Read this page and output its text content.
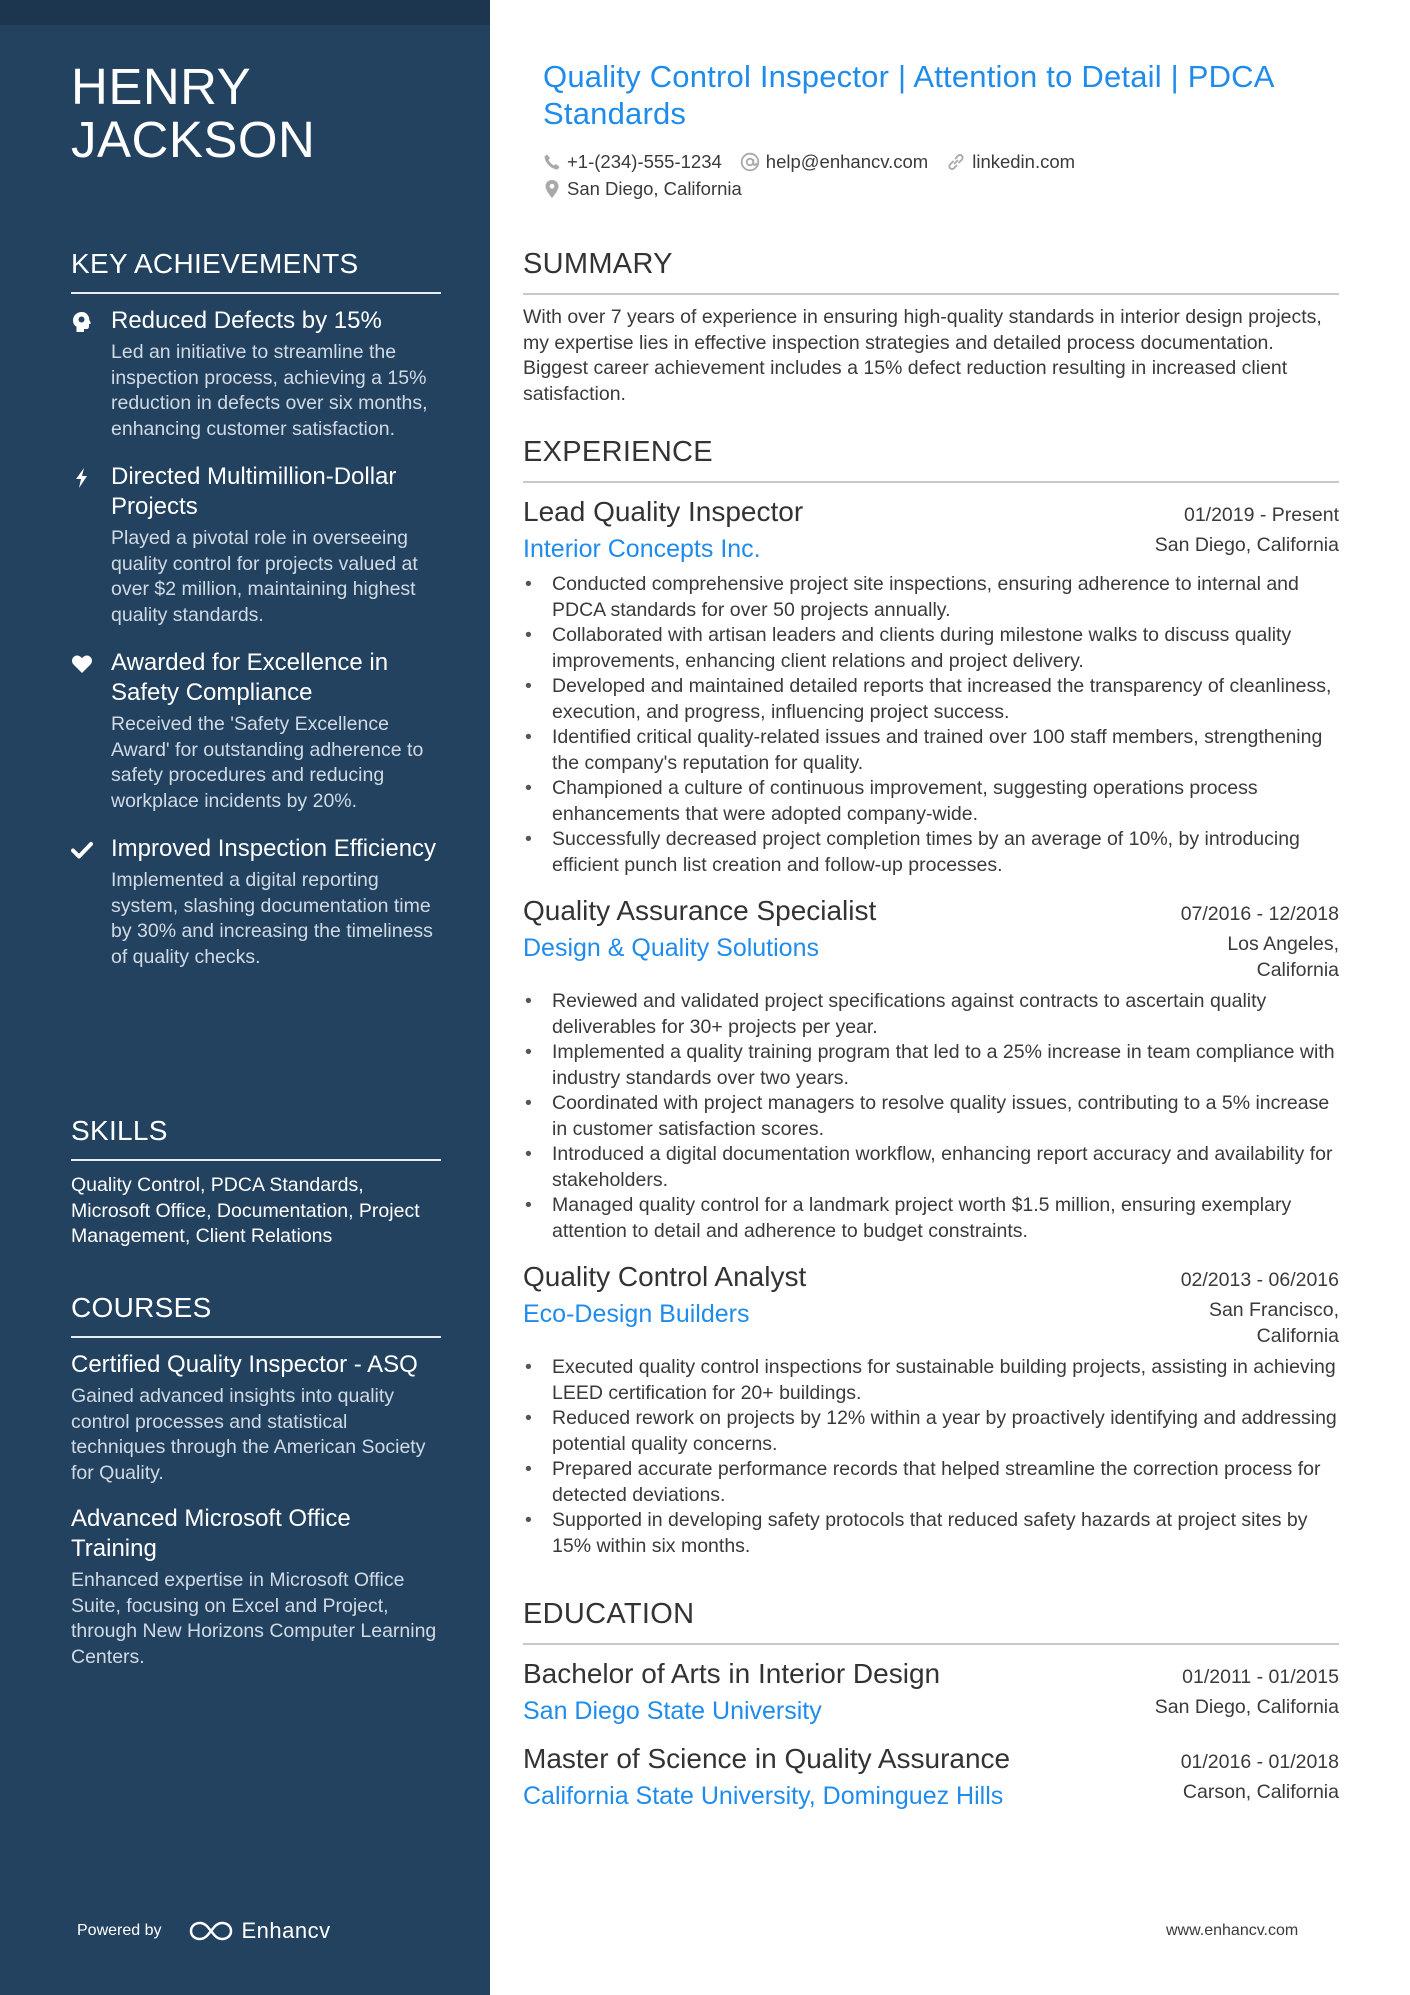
HENRY JACKSON
KEY ACHIEVEMENTS
Reduced Defects by 15%
Led an initiative to streamline the inspection process, achieving a 15% reduction in defects over six months, enhancing customer satisfaction.
Directed Multimillion-Dollar Projects
Played a pivotal role in overseeing quality control for projects valued at over $2 million, maintaining highest quality standards.
Awarded for Excellence in Safety Compliance
Received the 'Safety Excellence Award' for outstanding adherence to safety procedures and reducing workplace incidents by 20%.
Improved Inspection Efficiency
Implemented a digital reporting system, slashing documentation time by 30% and increasing the timeliness of quality checks.
SKILLS
Quality Control, PDCA Standards, Microsoft Office, Documentation, Project Management, Client Relations
COURSES
Certified Quality Inspector - ASQ
Gained advanced insights into quality control processes and statistical techniques through the American Society for Quality.
Advanced Microsoft Office Training
Enhanced expertise in Microsoft Office Suite, focusing on Excel and Project, through New Horizons Computer Learning Centers.
Powered by	Enhancv
Quality Control Inspector | Attention to Detail | PDCA Standards
+1-(234)-555-1234 help@enhancv.com linkedin.com
San Diego, California
SUMMARY
With over 7 years of experience in ensuring high-quality standards in interior design projects, my expertise lies in effective inspection strategies and detailed process documentation. Biggest career achievement includes a 15% defect reduction resulting in increased client satisfaction.
EXPERIENCE
Lead Quality Inspector	01/2019 - Present
Interior Concepts Inc.	San Diego, California
• Conducted comprehensive project site inspections, ensuring adherence to internal and PDCA standards for over 50 projects annually.
• Collaborated with artisan leaders and clients during milestone walks to discuss quality improvements, enhancing client relations and project delivery.
• Developed and maintained detailed reports that increased the transparency of cleanliness, execution, and progress, influencing project success.
• Identified critical quality-related issues and trained over 100 staff members, strengthening the company's reputation for quality.
• Championed a culture of continuous improvement, suggesting operations process enhancements that were adopted company-wide.
• Successfully decreased project completion times by an average of 10%, by introducing efficient punch list creation and follow-up processes.
Quality Assurance Specialist	07/2016 - 12/2018
Design & Quality Solutions	Los Angeles, California
• Reviewed and validated project specifications against contracts to ascertain quality deliverables for 30+ projects per year.
• Implemented a quality training program that led to a 25% increase in team compliance with industry standards over two years.
• Coordinated with project managers to resolve quality issues, contributing to a 5% increase in customer satisfaction scores.
• Introduced a digital documentation workflow, enhancing report accuracy and availability for stakeholders.
• Managed quality control for a landmark project worth $1.5 million, ensuring exemplary attention to detail and adherence to budget constraints.
Quality Control Analyst	02/2013 - 06/2016
Eco-Design Builders	San Francisco, California
• Executed quality control inspections for sustainable building projects, assisting in achieving LEED certification for 20+ buildings.
• Reduced rework on projects by 12% within a year by proactively identifying and addressing potential quality concerns.
• Prepared accurate performance records that helped streamline the correction process for detected deviations.
• Supported in developing safety protocols that reduced safety hazards at project sites by 15% within six months.
EDUCATION
Bachelor of Arts in Interior Design	01/2011 - 01/2015
San Diego State University	San Diego, California
Master of Science in Quality Assurance	01/2016 - 01/2018
California State University, Dominguez Hills	Carson, California
www.enhancv.com
